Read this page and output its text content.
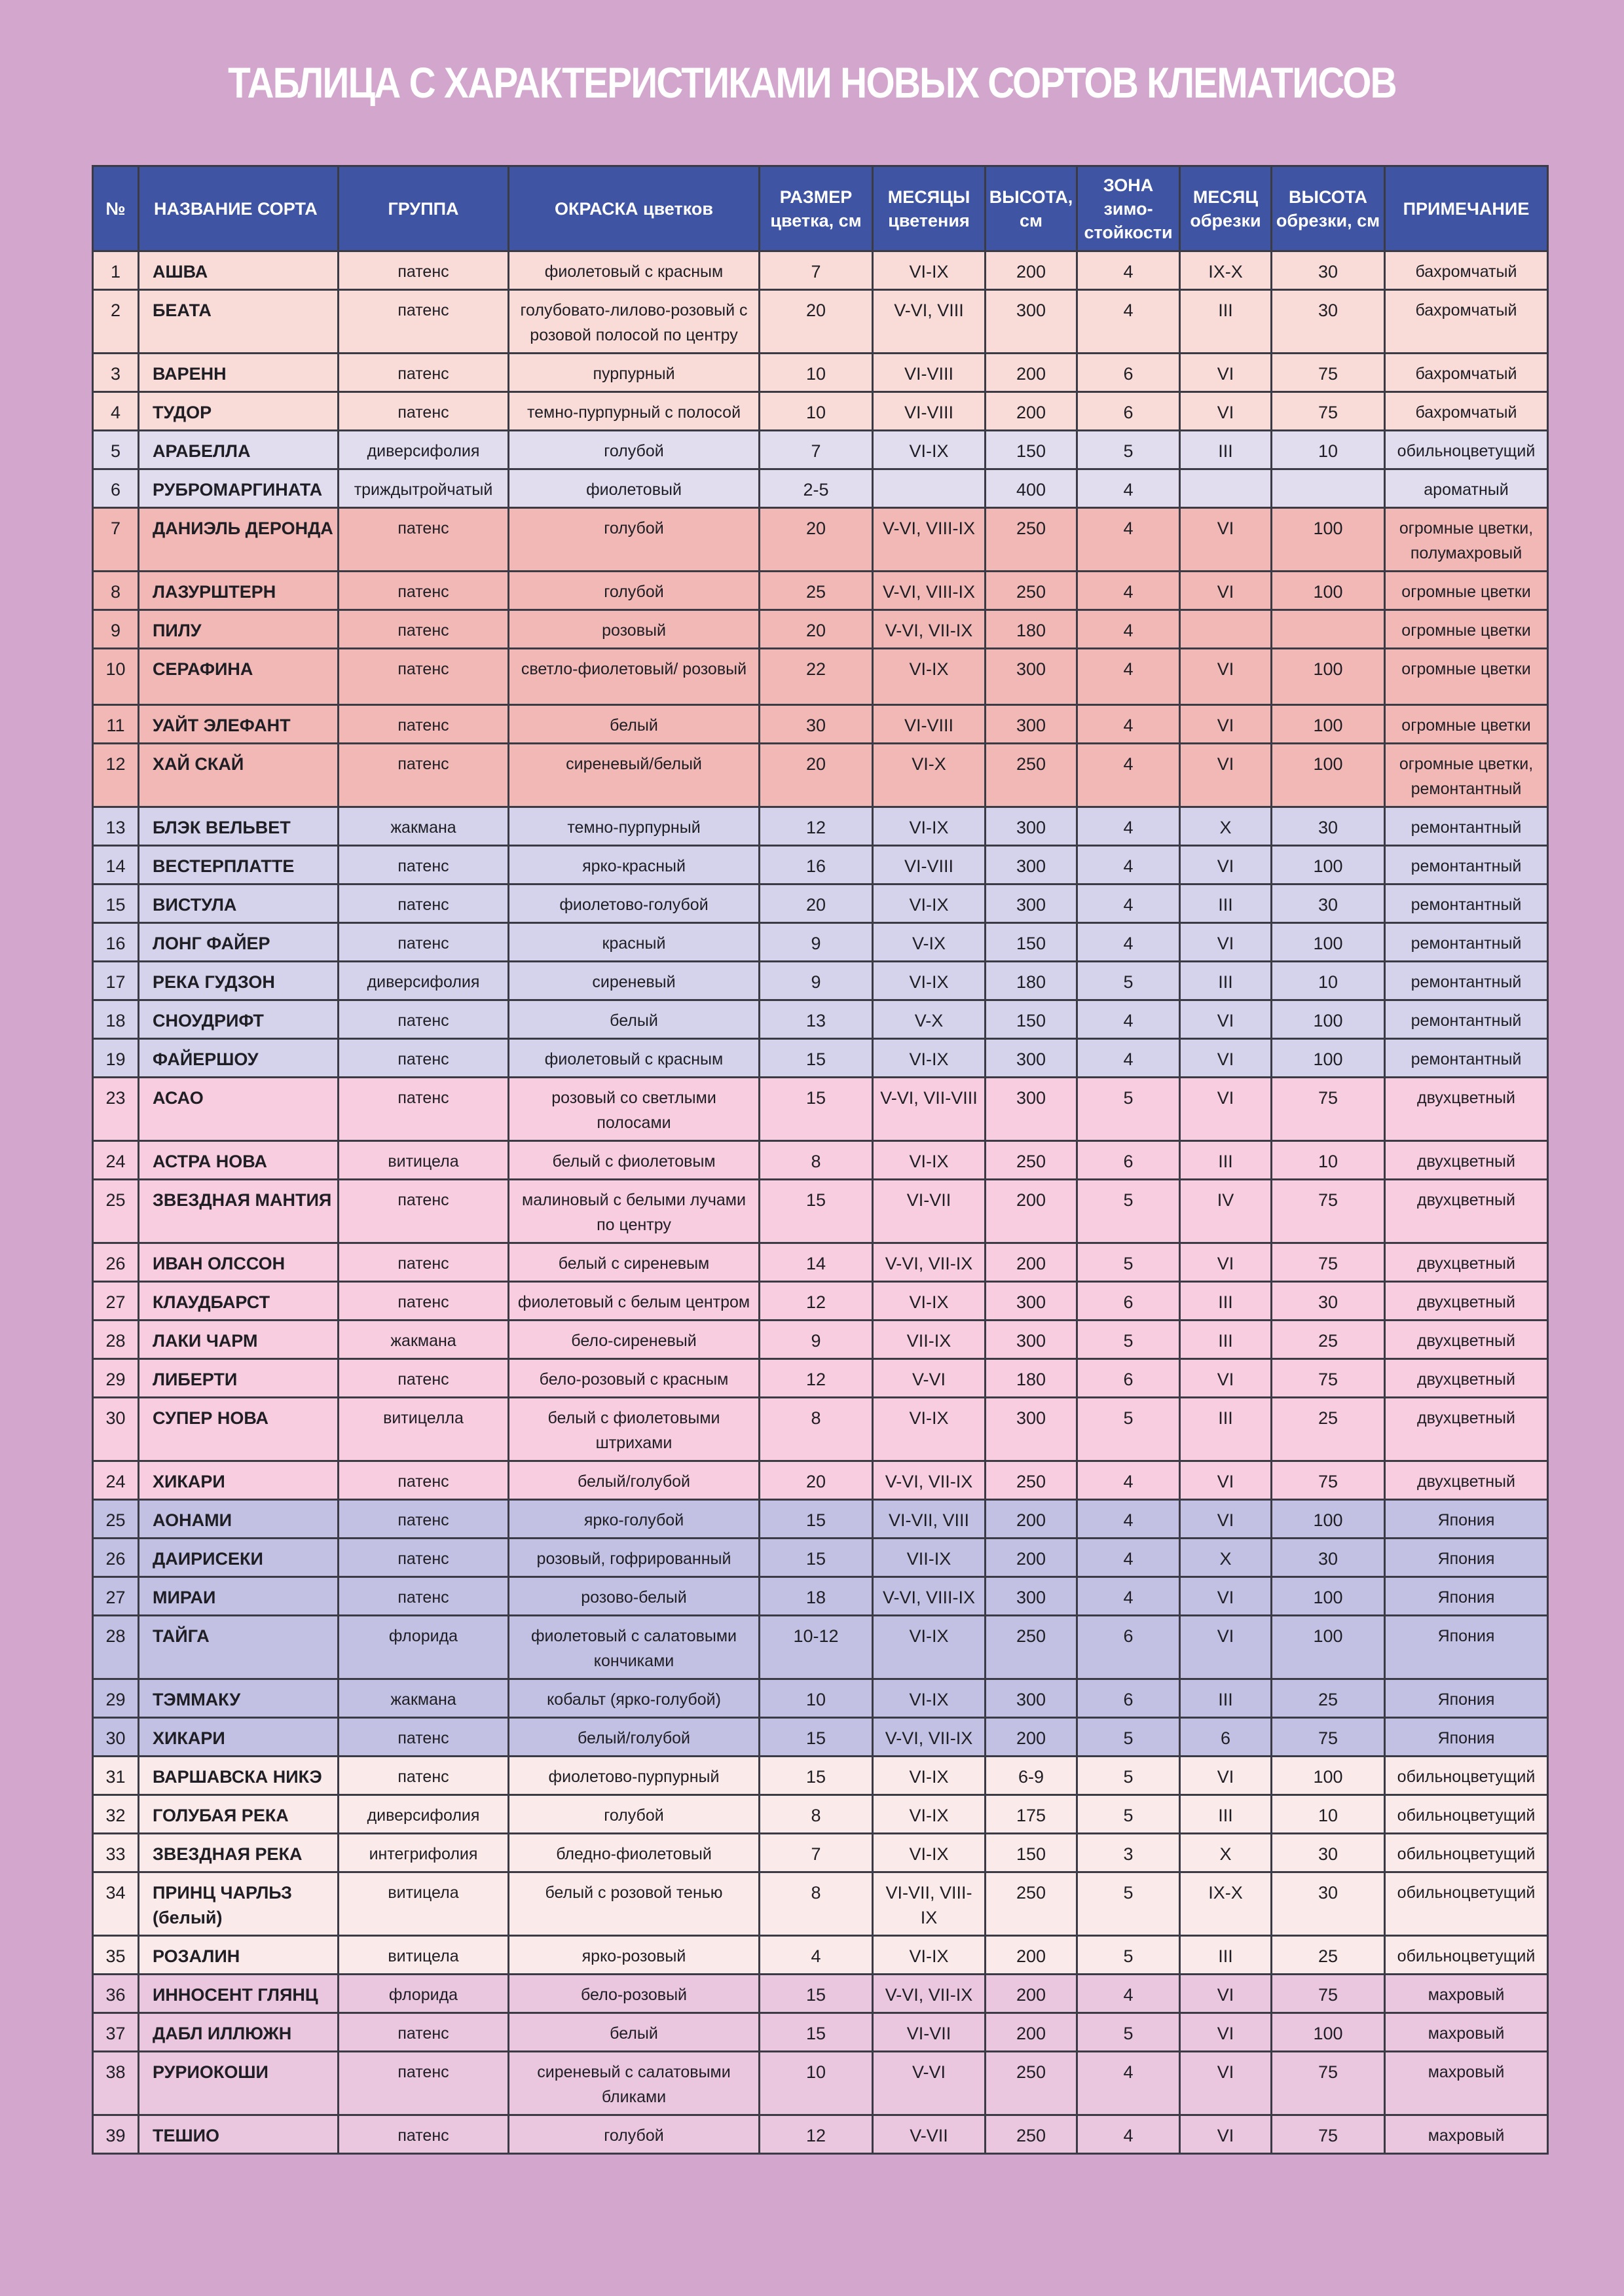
ТАБЛИЦА С ХАРАКТЕРИСТИКАМИ НОВЫХ СОРТОВ КЛЕМАТИСОВ
№	НАЗВАНИЕ СОРТА	ГРУППА	ОКРАСКА цветков	РАЗМЕР цветка, см	МЕСЯЦЫ цветения	ВЫСОТА, см	ЗОНА зимо-стойкости	МЕСЯЦ обрезки	ВЫСОТА обрезки, см	ПРИМЕЧАНИЕ
1	АШВА	патенс	фиолетовый с красным	7	VI-IX	200	4	IX-X	30	бахромчатый
2	БЕАТА	патенс	голубовато-лилово-розовый с розовой полосой по центру	20	V-VI, VIII	300	4	III	30	бахромчатый
3	ВАРЕНН	патенс	пурпурный	10	VI-VIII	200	6	VI	75	бахромчатый
4	ТУДОР	патенс	темно-пурпурный с полосой	10	VI-VIII	200	6	VI	75	бахромчатый
5	АРАБЕЛЛА	диверсифолия	голубой	7	VI-IX	150	5	III	10	обильноцветущий
6	РУБРОМАРГИНАТА	триждытройчатый	фиолетовый	2-5		400	4			ароматный
7	ДАНИЭЛЬ ДЕРОНДА	патенс	голубой	20	V-VI, VIII-IX	250	4	VI	100	огромные цветки, полумахровый
8	ЛАЗУРШТЕРН	патенс	голубой	25	V-VI, VIII-IX	250	4	VI	100	огромные цветки
9	ПИЛУ	патенс	розовый	20	V-VI, VII-IX	180	4			огромные цветки
10	СЕРАФИНА	патенс	светло-фиолетовый/ розовый	22	VI-IX	300	4	VI	100	огромные цветки
11	УАЙТ ЭЛЕФАНТ	патенс	белый	30	VI-VIII	300	4	VI	100	огромные цветки
12	ХАЙ СКАЙ	патенс	сиреневый/белый	20	VI-X	250	4	VI	100	огромные цветки, ремонтантный
13	БЛЭК ВЕЛЬВЕТ	жакмана	темно-пурпурный	12	VI-IX	300	4	X	30	ремонтантный
14	ВЕСТЕРПЛАТТЕ	патенс	ярко-красный	16	VI-VIII	300	4	VI	100	ремонтантный
15	ВИСТУЛА	патенс	фиолетово-голубой	20	VI-IX	300	4	III	30	ремонтантный
16	ЛОНГ ФАЙЕР	патенс	красный	9	V-IX	150	4	VI	100	ремонтантный
17	РЕКА ГУДЗОН	диверсифолия	сиреневый	9	VI-IX	180	5	III	10	ремонтантный
18	СНОУДРИФТ	патенс	белый	13	V-X	150	4	VI	100	ремонтантный
19	ФАЙЕРШОУ	патенс	фиолетовый с красным	15	VI-IX	300	4	VI	100	ремонтантный
23	АСАО	патенс	розовый со светлыми полосами	15	V-VI, VII-VIII	300	5	VI	75	двухцветный
24	АСТРА НОВА	витицела	белый с фиолетовым	8	VI-IX	250	6	III	10	двухцветный
25	ЗВЕЗДНАЯ МАНТИЯ	патенс	малиновый с белыми лучами по центру	15	VI-VII	200	5	IV	75	двухцветный
26	ИВАН ОЛССОН	патенс	белый с сиреневым	14	V-VI, VII-IX	200	5	VI	75	двухцветный
27	КЛАУДБАРСТ	патенс	фиолетовый с белым центром	12	VI-IX	300	6	III	30	двухцветный
28	ЛАКИ ЧАРМ	жакмана	бело-сиреневый	9	VII-IX	300	5	III	25	двухцветный
29	ЛИБЕРТИ	патенс	бело-розовый с красным	12	V-VI	180	6	VI	75	двухцветный
30	СУПЕР НОВА	витицелла	белый с фиолетовыми штрихами	8	VI-IX	300	5	III	25	двухцветный
24	ХИКАРИ	патенс	белый/голубой	20	V-VI, VII-IX	250	4	VI	75	двухцветный
25	АОНАМИ	патенс	ярко-голубой	15	VI-VII, VIII	200	4	VI	100	Япония
26	ДАИРИСЕКИ	патенс	розовый, гофрированный	15	VII-IX	200	4	X	30	Япония
27	МИРАИ	патенс	розово-белый	18	V-VI, VIII-IX	300	4	VI	100	Япония
28	ТАЙГА	флорида	фиолетовый с салатовыми кончиками	10-12	VI-IX	250	6	VI	100	Япония
29	ТЭММАКУ	жакмана	кобальт (ярко-голубой)	10	VI-IX	300	6	III	25	Япония
30	ХИКАРИ	патенс	белый/голубой	15	V-VI, VII-IX	200	5	6	75	Япония
31	ВАРШАВСКА НИКЭ	патенс	фиолетово-пурпурный	15	VI-IX	6-9	5	VI	100	обильноцветущий
32	ГОЛУБАЯ РЕКА	диверсифолия	голубой	8	VI-IX	175	5	III	10	обильноцветущий
33	ЗВЕЗДНАЯ РЕКА	интегрифолия	бледно-фиолетовый	7	VI-IX	150	3	X	30	обильноцветущий
34	ПРИНЦ ЧАРЛЬЗ (белый)	витицела	белый с розовой тенью	8	VI-VII, VIII-IX	250	5	IX-X	30	обильноцветущий
35	РОЗАЛИН	витицела	ярко-розовый	4	VI-IX	200	5	III	25	обильноцветущий
36	ИННОСЕНТ ГЛЯНЦ	флорида	бело-розовый	15	V-VI, VII-IX	200	4	VI	75	махровый
37	ДАБЛ ИЛЛЮЖН	патенс	белый	15	VI-VII	200	5	VI	100	махровый
38	РУРИОКОШИ	патенс	сиреневый с салатовыми бликами	10	V-VI	250	4	VI	75	махровый
39	ТЕШИО	патенс	голубой	12	V-VII	250	4	VI	75	махровый
